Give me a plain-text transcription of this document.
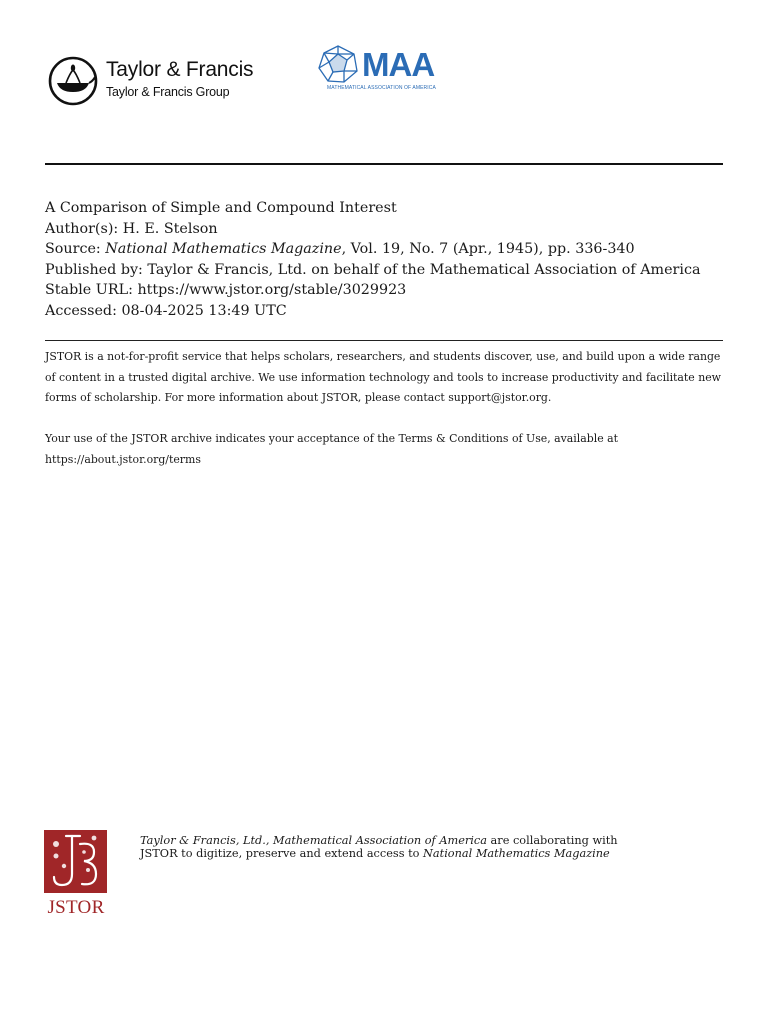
Taylor & Francis
Taylor & Francis Group
MAA
MATHEMATICAL ASSOCIATION OF AMERICA
A Comparison of Simple and Compound Interest
Author(s): H. E. Stelson
Source: National Mathematics Magazine, Vol. 19, No. 7 (Apr., 1945), pp. 336-340
Published by: Taylor & Francis, Ltd. on behalf of the Mathematical Association of America
Stable URL: https://www.jstor.org/stable/3029923
Accessed: 08-04-2025 13:49 UTC
JSTOR is a not-for-profit service that helps scholars, researchers, and students discover, use, and build upon a wide range of content in a trusted digital archive. We use information technology and tools to increase productivity and facilitate new forms of scholarship. For more information about JSTOR, please contact support@jstor.org.
Your use of the JSTOR archive indicates your acceptance of the Terms & Conditions of Use, available at
https://about.jstor.org/terms
JSTOR
Taylor & Francis, Ltd., Mathematical Association of America are collaborating with
JSTOR to digitize, preserve and extend access to National Mathematics Magazine
